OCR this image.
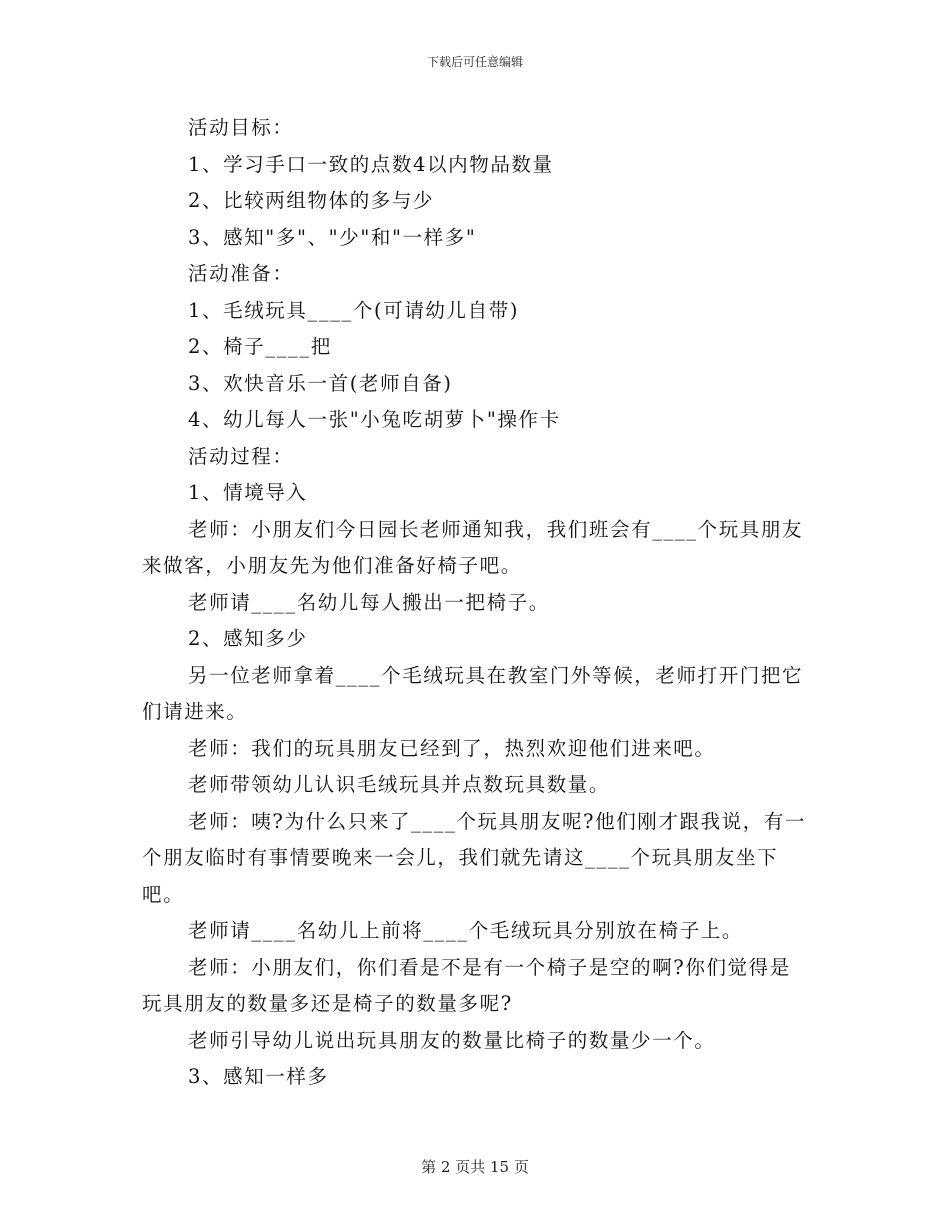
下载后可任意编辑

活动目标：

1、学习手口一致的点数4以内物品数量

2、比较两组物体的多与少

3、感知"多"、"少"和"一样多"

活动准备：

1、毛绒玩具____个(可请幼儿自带)

2、椅子____把

3、欢快音乐一首(老师自备)

4、幼儿每人一张"小兔吃胡萝卜"操作卡

活动过程：

1、情境导入

老师：小朋友们今日园长老师通知我，我们班会有____个玩具朋友来做客，小朋友先为他们准备好椅子吧。

老师请____名幼儿每人搬出一把椅子。

2、感知多少

另一位老师拿着____个毛绒玩具在教室门外等候，老师打开门把它们请进来。

老师：我们的玩具朋友已经到了，热烈欢迎他们进来吧。

老师带领幼儿认识毛绒玩具并点数玩具数量。

老师：咦?为什么只来了____个玩具朋友呢?他们刚才跟我说，有一个朋友临时有事情要晚来一会儿，我们就先请这____个玩具朋友坐下吧。

老师请____名幼儿上前将____个毛绒玩具分别放在椅子上。

老师：小朋友们，你们看是不是有一个椅子是空的啊?你们觉得是玩具朋友的数量多还是椅子的数量多呢?

老师引导幼儿说出玩具朋友的数量比椅子的数量少一个。

3、感知一样多

第 2 页共 15 页
